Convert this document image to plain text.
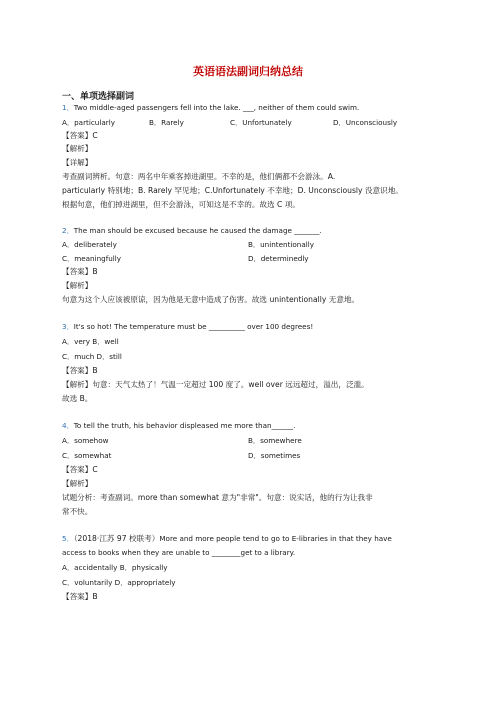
英语语法副词归纳总结
一、单项选择副词
1．Two middle-aged passengers fell into the lake. ___, neither of them could swim.
A．particularly	B．Rarely	C．Unfortunately	D．Unconsciously
【答案】C
【解析】
【详解】
考查副词辨析。句意：两名中年乘客掉进湖里。不幸的是，他们俩都不会游泳。A.
particularly 特别地；B. Rarely 罕见地；C.Unfortunately 不幸地；D. Unconsciously 没意识地。
根据句意，他们掉进湖里，但不会游泳，可知这是不幸的。故选 C 项。
2．The man should be excused because he caused the damage _______.
A．deliberately	B．unintentionally
C．meaningfully	D．determinedly
【答案】B
【解析】
句意为这个人应该被原谅，因为他是无意中造成了伤害。故选 unintentionally 无意地。
3．It's so hot! The temperature must be __________ over 100 degrees!
A．very B．well
C．much D．still
【答案】B
【解析】句意：天气太热了！气温一定超过 100 度了。well over 远远超过，溢出，泛滥。
故选 B。
4．To tell the truth, his behavior displeased me more than______.
A．somehow	B．somewhere
C．somewhat	D．sometimes
【答案】C
【解析】
试题分析：考查副词。more than somewhat 意为"非常"。句意：说实话，他的行为让我非
常不快。
5．（2018·江苏 97 校联考）More and more people tend to go to E-libraries in that they have
access to books when they are unable to ________get to a library.
A．accidentally B．physically
C．voluntarily D．appropriately
【答案】B
